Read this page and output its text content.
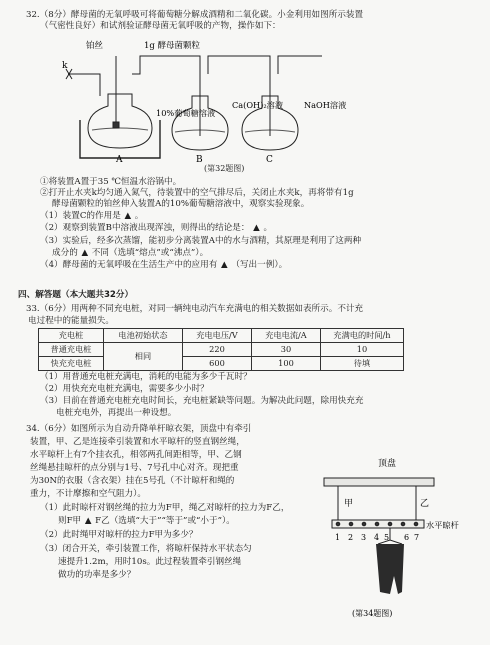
32.（8分）酵母菌的无氧呼吸可将葡萄糖分解成酒精和二氧化碳。小金利用如图所示装置
（气密性良好）和试剂验证酵母菌无氧呼吸的产物，操作如下：
k
铂丝	1g 酵母菌颗粒
10%葡萄糖溶液
Ca(OH)₂溶液	NaOH溶液
A	B	C
(第32题图)
①将装置A置于35 ℃恒温水浴锅中。
②打开止水夹k均匀通入氮气，待装置中的空气排尽后，关闭止水夹k，再将带有1g
酵母菌颗粒的铂丝伸入装置A的10%葡萄糖溶液中，观察实验现象。
（1）装置C的作用是 ▲ 。
（2）观察到装置B中溶液出现浑浊，则得出的结论是： ▲ 。
（3）实验后，经多次蒸馏，能初步分离装置A中的水与酒精，其原理是利用了这两种
成分的 ▲ 不同（选填“熔点”或“沸点”）。
（4）酵母菌的无氧呼吸在生活生产中的应用有 ▲ （写出一例）。
四、解答题（本大题共32分）
33.（6分）用两种不同充电桩，对同一辆纯电动汽车充满电的相关数据如表所示。不计充
电过程中的能量损失。
充电桩	电池初始状态	充电电压/V	充电电流/A	充满电的时间/h
普通充电桩	相同	220	30	10
快充充电桩		600	100	待填
（1）用普通充电桩充满电，消耗的电能为多少千瓦时？
（2）用快充充电桩充满电，需要多少小时？
（3）目前在普通充电桩充电时间长，充电桩紧缺等问题。为解决此问题，除用快充充
电桩充电外，再提出一种设想。
34.（6分）如图所示为自动升降单杆晾衣架，顶盘中有牵引
装置，甲、乙是连接牵引装置和水平晾杆的竖直钢丝绳，
水平晾杆上有7个挂衣孔，相邻两孔间距相等，甲、乙钢
丝绳悬挂晾杆的点分别与1号、7号孔中心对齐。现把重
为30N的衣服（含衣架）挂在5号孔（不计晾杆和绳的
重力，不计摩擦和空气阻力）。
（1）此时晾杆对钢丝绳的拉力为F甲，绳乙对晾杆的拉力为F乙，
则F甲 ▲ F乙（选填“大于”“等于”或“小于”）。
（2）此时绳甲对晾杆的拉力F甲为多少？
（3）闭合开关，牵引装置工作，将晾杆保持水平状态匀
速提升1.2m，用时10s。此过程装置牵引钢丝绳
做功的功率是多少？
顶盘
甲	乙
水平晾杆
1 2 3 4 5 6 7
(第34题图)
